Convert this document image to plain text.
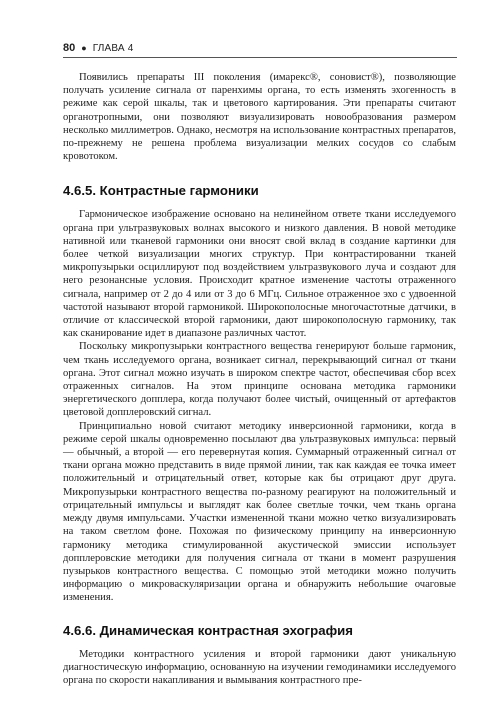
80 ● ГЛАВА 4

Появились препараты III поколения (имарекс®, соновист®), позволяющие получать усиление сигнала от паренхимы органа, то есть изменять эхогенность в режиме как серой шкалы, так и цветового картирования. Эти препараты считают органотропными, они позволяют визуализировать новообразования размером несколько миллиметров. Однако, несмотря на использование контрастных препаратов, по-прежнему не решена проблема визуализации мелких сосудов со слабым кровотоком.

4.6.5. Контрастные гармоники

Гармоническое изображение основано на нелинейном ответе ткани исследуемого органа при ультразвуковых волнах высокого и низкого давления. В новой методике нативной или тканевой гармоники они вносят свой вклад в создание картинки для более четкой визуализации многих структур. При контрастированни тканей микропузырьки осциллируют под воздействием ультразвукового луча и создают для него резонансные условия. Происходит кратное изменение частоты отраженного сигнала, например от 2 до 4 или от 3 до 6 МГц. Сильное отраженное эхо с удвоенной частотой называют второй гармоникой. Широкополосные многочастотные датчики, в отличие от классической второй гармоники, дают широкополосную гармонику, так как сканирование идет в диапазоне различных частот.

Поскольку микропузырьки контрастного вещества генерируют больше гармоник, чем ткань исследуемого органа, возникает сигнал, перекрывающий сигнал от ткани органа. Этот сигнал можно изучать в широком спектре частот, обеспечивая сбор всех отраженных сигналов. На этом принципе основана методика гармоники энергетического допплера, когда получают более чистый, очищенный от артефактов цветовой допплеровский сигнал.

Принципиально новой считают методику инверсионной гармоники, когда в режиме серой шкалы одновременно посылают два ультразвуковых импульса: первый — обычный, а второй — его перевернутая копия. Суммарный отраженный сигнал от ткани органа можно представить в виде прямой линии, так как каждая ее точка имеет положительный и отрицательный ответ, которые как бы отрицают друг друга. Микропузырьки контрастного вещества по-разному реагируют на положительный и отрицательный импульсы и выглядят как более светлые точки, чем ткань органа между двумя импульсами. Участки измененной ткани можно четко визуализировать на таком светлом фоне. Похожая по физическому принципу на инверсионную гармонику методика стимулированной акустической эмиссии использует допплеровские методики для получения сигнала от ткани в момент разрушения пузырьков контрастного вещества. С помощью этой методики можно получить информацию о микроваскуляризации органа и обнаружить небольшие очаговые изменения.

4.6.6. Динамическая контрастная эхография

Методики контрастного усиления и второй гармоники дают уникальную диагностическую информацию, основанную на изучении гемодинамики исследуемого органа по скорости накапливания и вымывания контрастного пре-
